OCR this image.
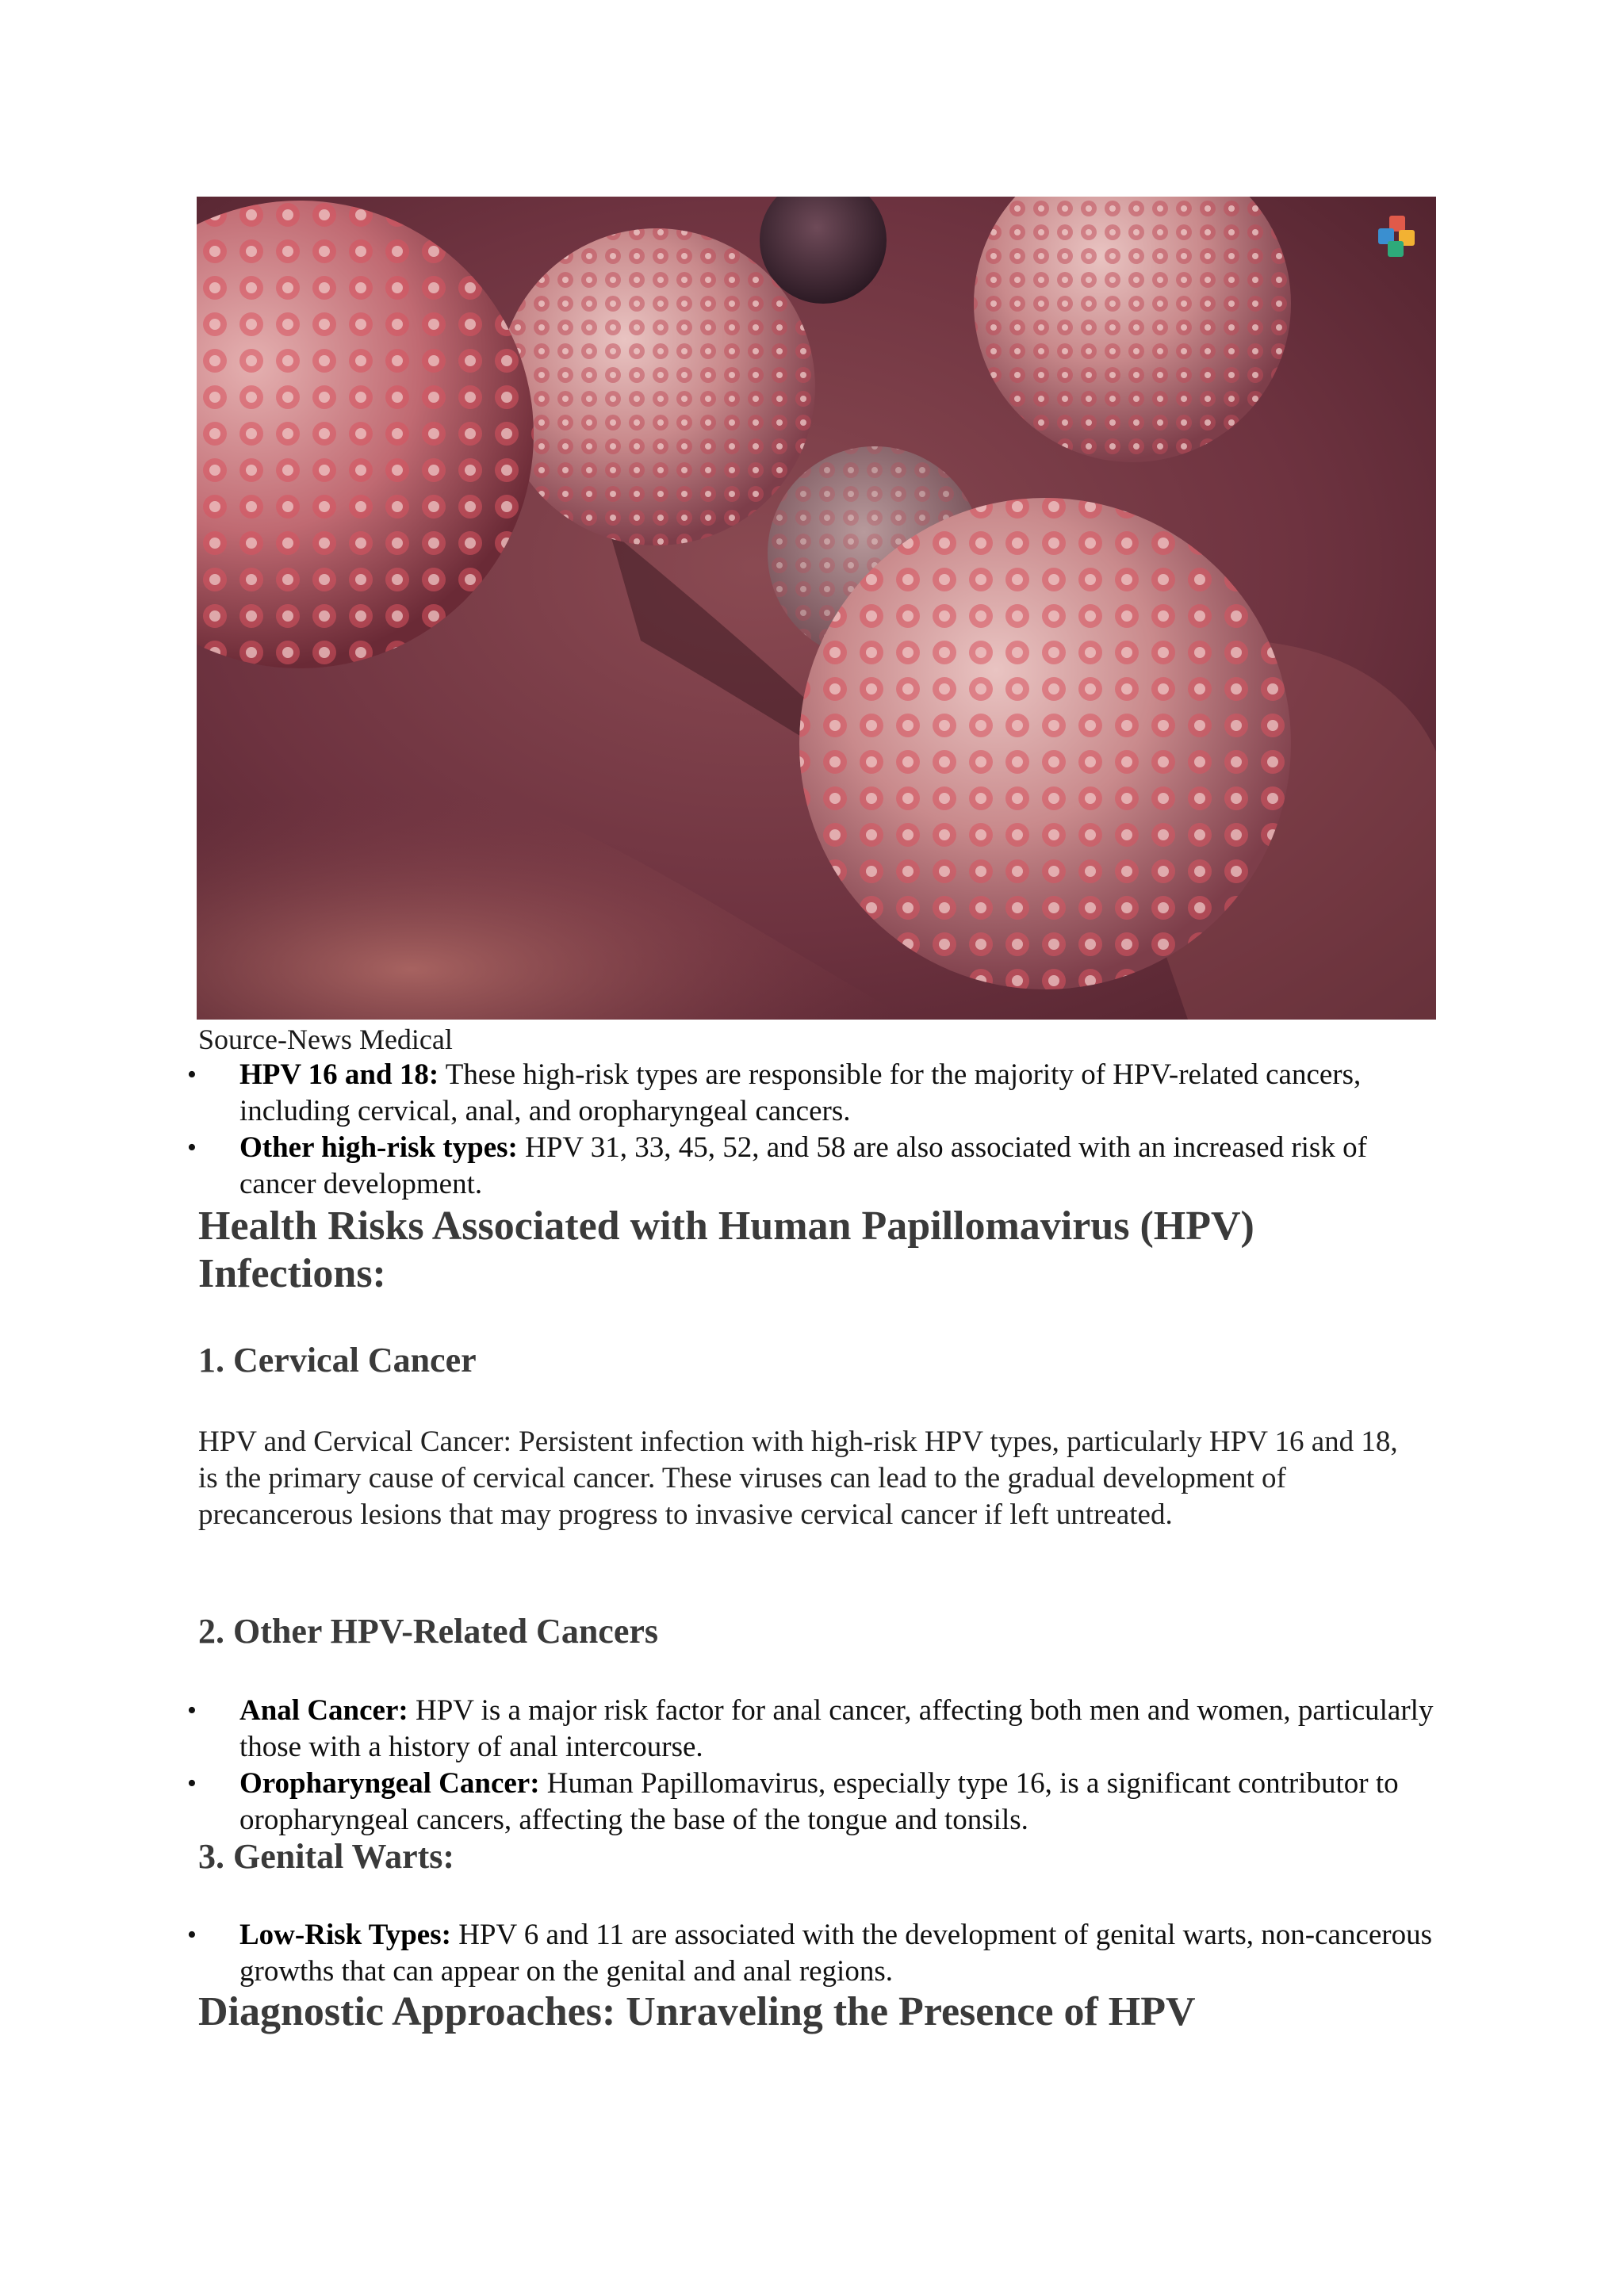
Source-News Medical
• HPV 16 and 18: These high-risk types are responsible for the majority of HPV-related cancers, including cervical, anal, and oropharyngeal cancers.
• Other high-risk types: HPV 31, 33, 45, 52, and 58 are also associated with an increased risk of cancer development.
Health Risks Associated with Human Papillomavirus (HPV) Infections:
1. Cervical Cancer

HPV and Cervical Cancer: Persistent infection with high-risk HPV types, particularly HPV 16 and 18, is the primary cause of cervical cancer. These viruses can lead to the gradual development of precancerous lesions that may progress to invasive cervical cancer if left untreated.

2. Other HPV-Related Cancers
• Anal Cancer: HPV is a major risk factor for anal cancer, affecting both men and women, particularly those with a history of anal intercourse.
• Oropharyngeal Cancer: Human Papillomavirus, especially type 16, is a significant contributor to oropharyngeal cancers, affecting the base of the tongue and tonsils.
3. Genital Warts:
• Low-Risk Types: HPV 6 and 11 are associated with the development of genital warts, non-cancerous growths that can appear on the genital and anal regions.
Diagnostic Approaches: Unraveling the Presence of HPV
